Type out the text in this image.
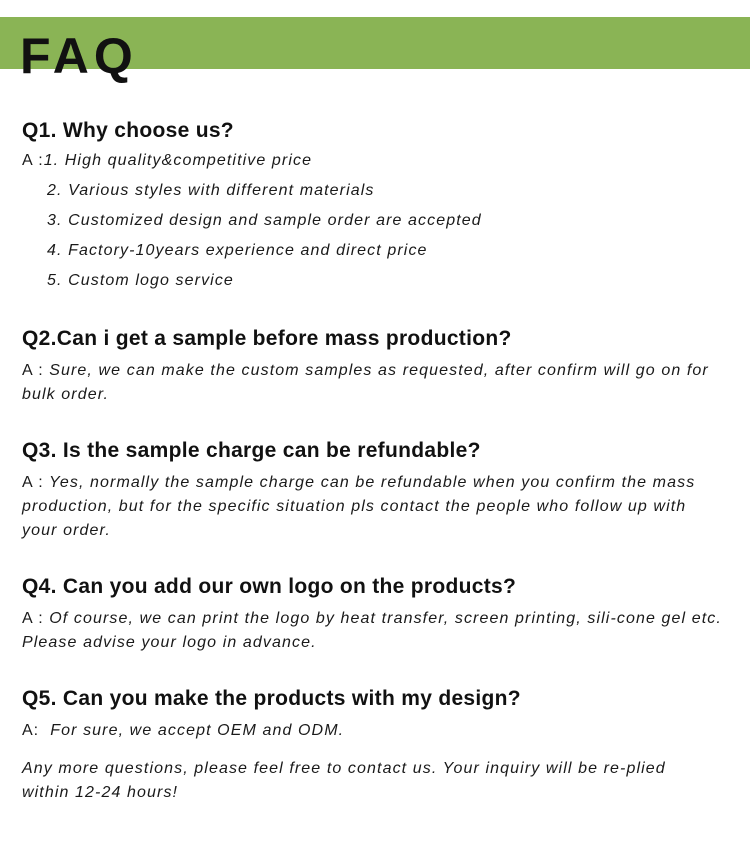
FAQ
Q1. Why choose us?
A :1. High quality&competitive price
2. Various styles with different materials
3. Customized design and sample order are accepted
4. Factory-10years experience and direct price
5. Custom logo service
Q2.Can i get a sample before mass production?

A : Sure, we can make the custom samples as requested, after confirm will go on for bulk order.

Q3. Is the sample charge can be refundable?

A : Yes, normally the sample charge can be refundable when you confirm the mass production, but for the specific situation pls contact the people who follow up with your order.

Q4. Can you add our own logo on the products?

A : Of course, we can print the logo by heat transfer, screen printing, sili-cone gel etc. Please advise your logo in advance.

Q5. Can you make the products with my design?

A: For sure, we accept OEM and ODM.

Any more questions, please feel free to contact us. Your inquiry will be re-plied within 12-24 hours!
